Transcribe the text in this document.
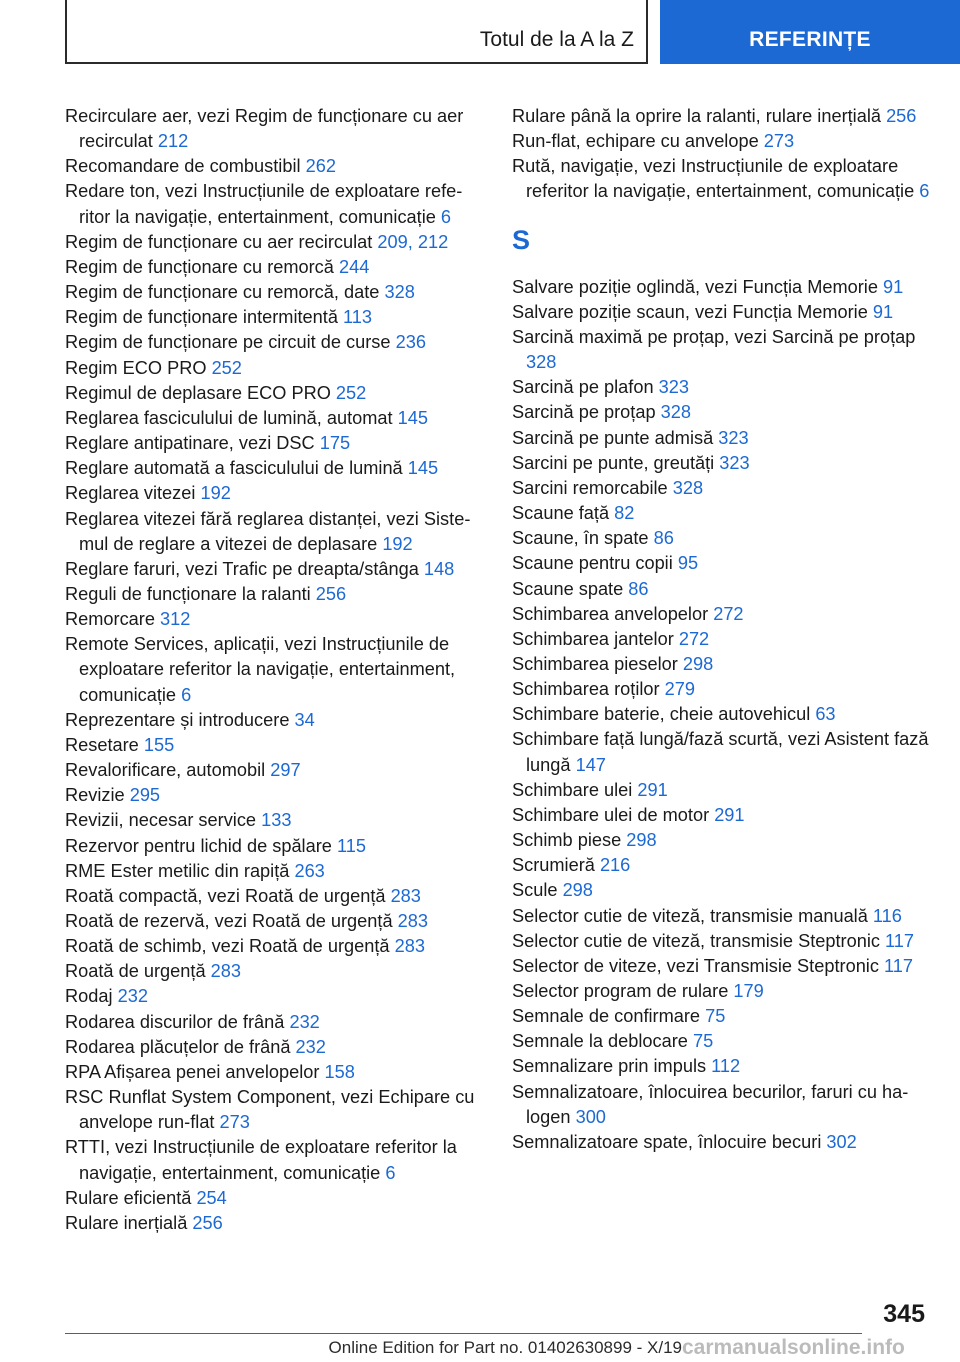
Totul de la A la Z	REFERINȚE
Recirculare aer, vezi Regim de funcționare cu aer recirculat 212
Recomandare de combustibil 262
Redare ton, vezi Instrucțiunile de exploatare referitor la navigație, entertainment, comunicație 6
Regim de funcționare cu aer recirculat 209, 212
Regim de funcționare cu remorcă 244
Regim de funcționare cu remorcă, date 328
Regim de funcționare intermitentă 113
Regim de funcționare pe circuit de curse 236
Regim ECO PRO 252
Regimul de deplasare ECO PRO 252
Reglarea fasciculului de lumină, automat 145
Reglare antipatinare, vezi DSC 175
Reglare automată a fasciculului de lumină 145
Reglarea vitezei 192
Reglarea vitezei fără reglarea distanței, vezi Sistemul de reglare a vitezei de deplasare 192
Reglare faruri, vezi Trafic pe dreapta/stânga 148
Reguli de funcționare la ralanti 256
Remorcare 312
Remote Services, aplicații, vezi Instrucțiunile de exploatare referitor la navigație, entertainment, comunicație 6
Reprezentare și introducere 34
Resetare 155
Revalorificare, automobil 297
Revizie 295
Revizii, necesar service 133
Rezervor pentru lichid de spălare 115
RME Ester metilic din rapiță 263
Roată compactă, vezi Roată de urgență 283
Roată de rezervă, vezi Roată de urgență 283
Roată de schimb, vezi Roată de urgență 283
Roată de urgență 283
Rodaj 232
Rodarea discurilor de frână 232
Rodarea plăcuțelor de frână 232
RPA Afișarea penei anvelopelor 158
RSC Runflat System Component, vezi Echipare cu anvelope run-flat 273
RTTI, vezi Instrucțiunile de exploatare referitor la navigație, entertainment, comunicație 6
Rulare eficientă 254
Rulare inerțială 256
Rulare până la oprire la ralanti, rulare inerțială 256
Run-flat, echipare cu anvelope 273
Rută, navigație, vezi Instrucțiunile de exploatare referitor la navigație, entertainment, comunicație 6
S
Salvare poziție oglindă, vezi Funcția Memorie 91
Salvare poziție scaun, vezi Funcția Memorie 91
Sarcină maximă pe proțap, vezi Sarcină pe proțap 328
Sarcină pe plafon 323
Sarcină pe proțap 328
Sarcină pe punte admisă 323
Sarcini pe punte, greutăți 323
Sarcini remorcabile 328
Scaune față 82
Scaune, în spate 86
Scaune pentru copii 95
Scaune spate 86
Schimbarea anvelopelor 272
Schimbarea jantelor 272
Schimbarea pieselor 298
Schimbarea roților 279
Schimbare baterie, cheie autovehicul 63
Schimbare față lungă/fază scurtă, vezi Asistent fază lungă 147
Schimbare ulei 291
Schimbare ulei de motor 291
Schimb piese 298
Scrumieră 216
Scule 298
Selector cutie de viteză, transmisie manuală 116
Selector cutie de viteză, transmisie Steptronic 117
Selector de viteze, vezi Transmisie Steptronic 117
Selector program de rulare 179
Semnale de confirmare 75
Semnale la deblocare 75
Semnalizare prin impuls 112
Semnalizatoare, înlocuirea becurilor, faruri cu halogen 300
Semnalizatoare spate, înlocuire becuri 302
345
Online Edition for Part no. 01402630899 - X/19 carmanualsonline.info
